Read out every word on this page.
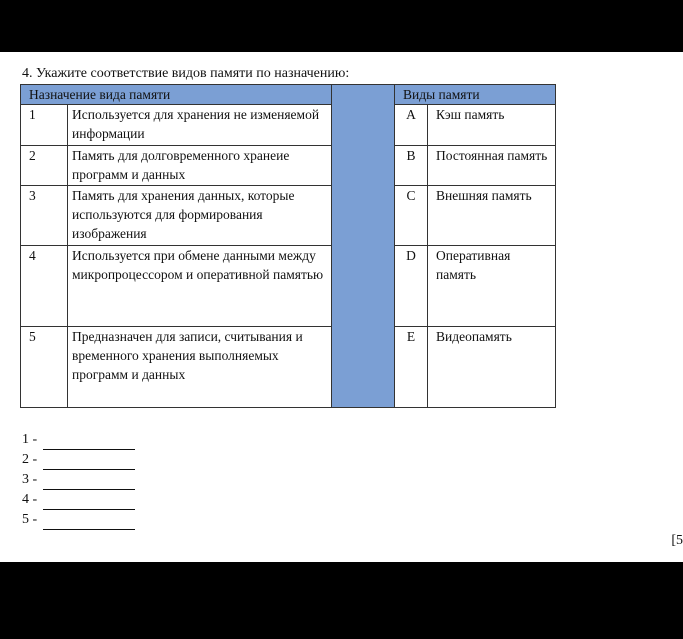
4. Укажите соответствие видов памяти по назначению:
Назначение вида памяти			Виды памяти	
1	Используется для хранения не изменяемой информации		A	Кэш память
2	Память для долговременного хранеие программ и данных		B	Постоянная память
3	Память для хранения данных, которые используются для формирования изображения		C	Внешняя память
4	Используется при обмене данными между микропроцессором и оперативной памятью		D	Оперативная память
5	Предназначен для записи, считывания и временного хранения выполняемых программ и данных		E	Видеопамять
1 -
2 -
3 -
4 -
5 -
[5
